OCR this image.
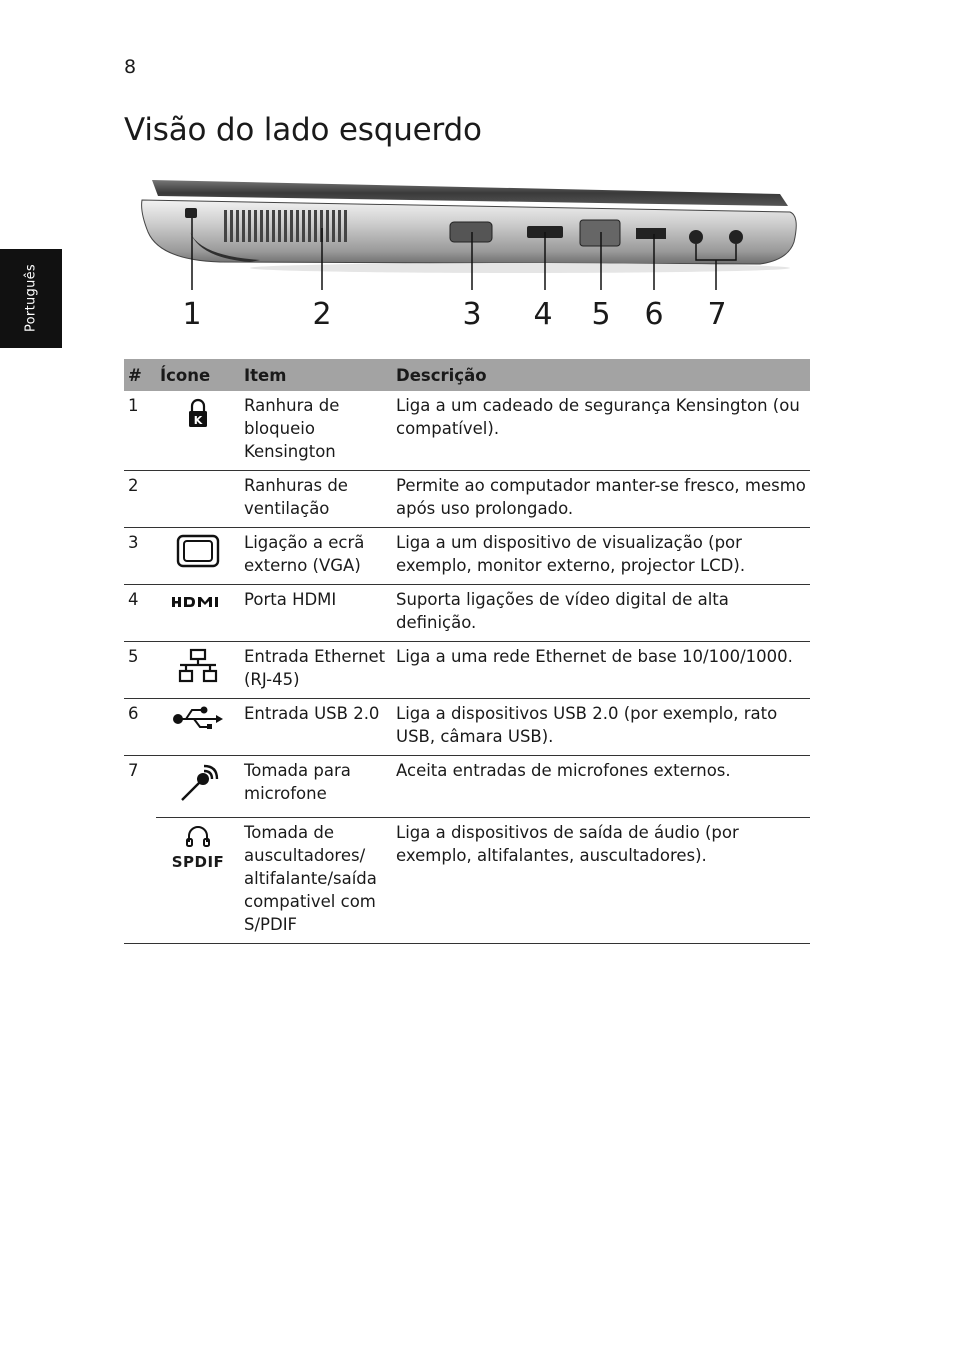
8
Visão do lado esquerdo
Português	1	2	3 4 5 6 7
#	Ícone	Item	Descrição
1	K	Ranhura de bloqueio Kensington	Liga a um cadeado de segurança Kensington (ou compatível).
2		Ranhuras de ventilação	Permite ao computador manter-se fresco, mesmo após uso prolongado.
3		Ligação a ecrã externo (VGA)	Liga a um dispositivo de visualização (por exemplo, monitor externo, projector LCD).
4		Porta HDMI	Suporta ligações de vídeo digital de alta definição.
5		Entrada Ethernet (RJ-45)	Liga a uma rede Ethernet de base 10/100/1000.
6		Entrada USB 2.0	Liga a dispositivos USB 2.0 (por exemplo, rato USB, câmara USB).
7		Tomada para microfone	Aceita entradas de microfones externos.

	SPDIF	Tomada de auscultadores/ altifalante/saída compativel com S/PDIF	Liga a dispositivos de saída de áudio (por exemplo, altifalantes, auscultadores).
